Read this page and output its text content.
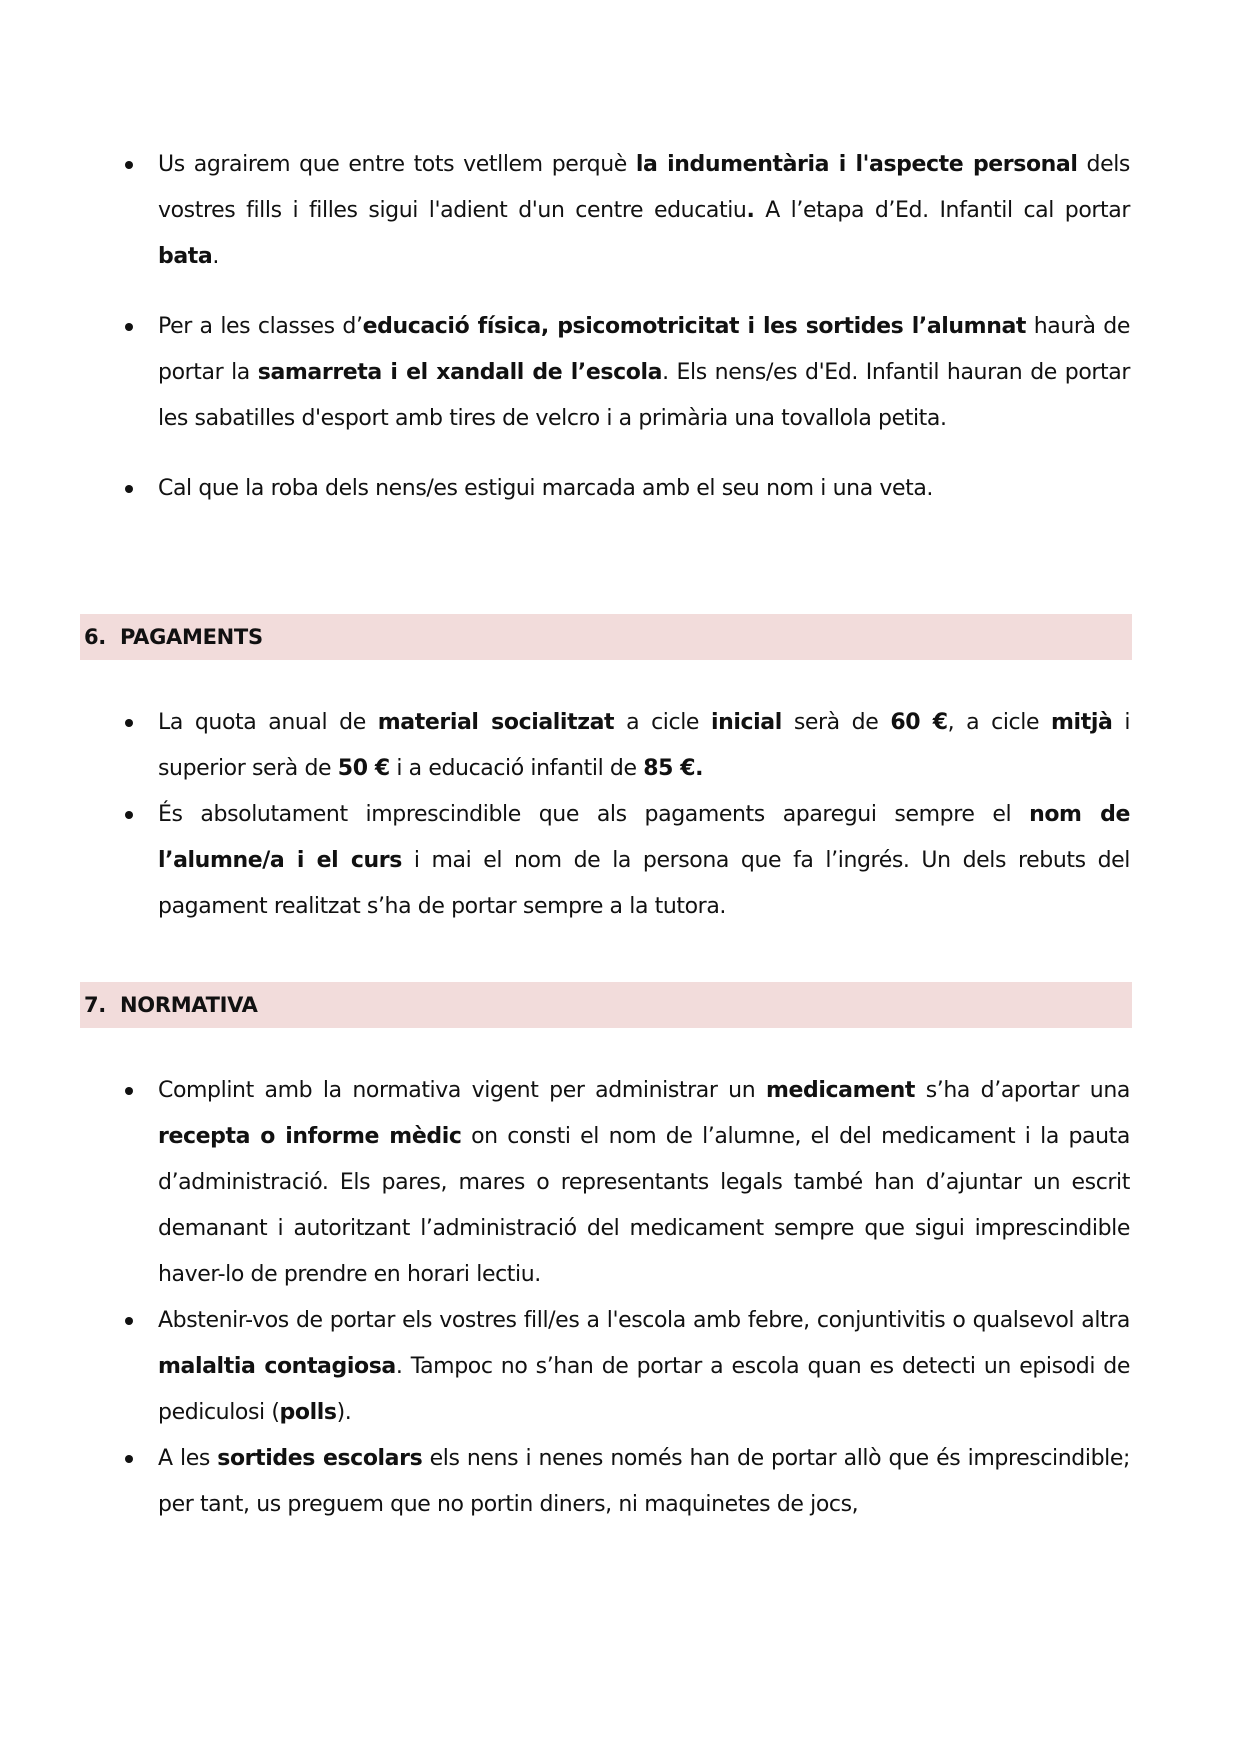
Us agrairem que entre tots vetllem perquè la indumentària i l'aspecte personal dels vostres fills i filles sigui l'adient d'un centre educatiu. A l’etapa d’Ed. Infantil cal portar bata.

Per a les classes d’educació física, psicomotricitat i les sortides l’alumnat haurà de portar la samarreta i el xandall de l’escola. Els nens/es d'Ed. Infantil hauran de portar les sabatilles d'esport amb tires de velcro i a primària una tovallola petita.

Cal que la roba dels nens/es estigui marcada amb el seu nom i una veta.

6. PAGAMENTS

La quota anual de material socialitzat a cicle inicial serà de 60 €, a cicle mitjà i superior serà de 50 € i a educació infantil de 85 €.

És absolutament imprescindible que als pagaments aparegui sempre el nom de l’alumne/a i el curs i mai el nom de la persona que fa l’ingrés. Un dels rebuts del pagament realitzat s’ha de portar sempre a la tutora.

7. NORMATIVA

Complint amb la normativa vigent per administrar un medicament s’ha d’aportar una recepta o informe mèdic on consti el nom de l’alumne, el del medicament i la pauta d’administració. Els pares, mares o representants legals també han d’ajuntar un escrit demanant i autoritzant l’administració del medicament sempre que sigui imprescindible haver-lo de prendre en horari lectiu.

Abstenir-vos de portar els vostres fill/es a l'escola amb febre, conjuntivitis o qualsevol altra malaltia contagiosa. Tampoc no s’han de portar a escola quan es detecti un episodi de pediculosi (polls).

A les sortides escolars els nens i nenes només han de portar allò que és imprescindible; per tant, us preguem que no portin diners, ni maquinetes de jocs,
